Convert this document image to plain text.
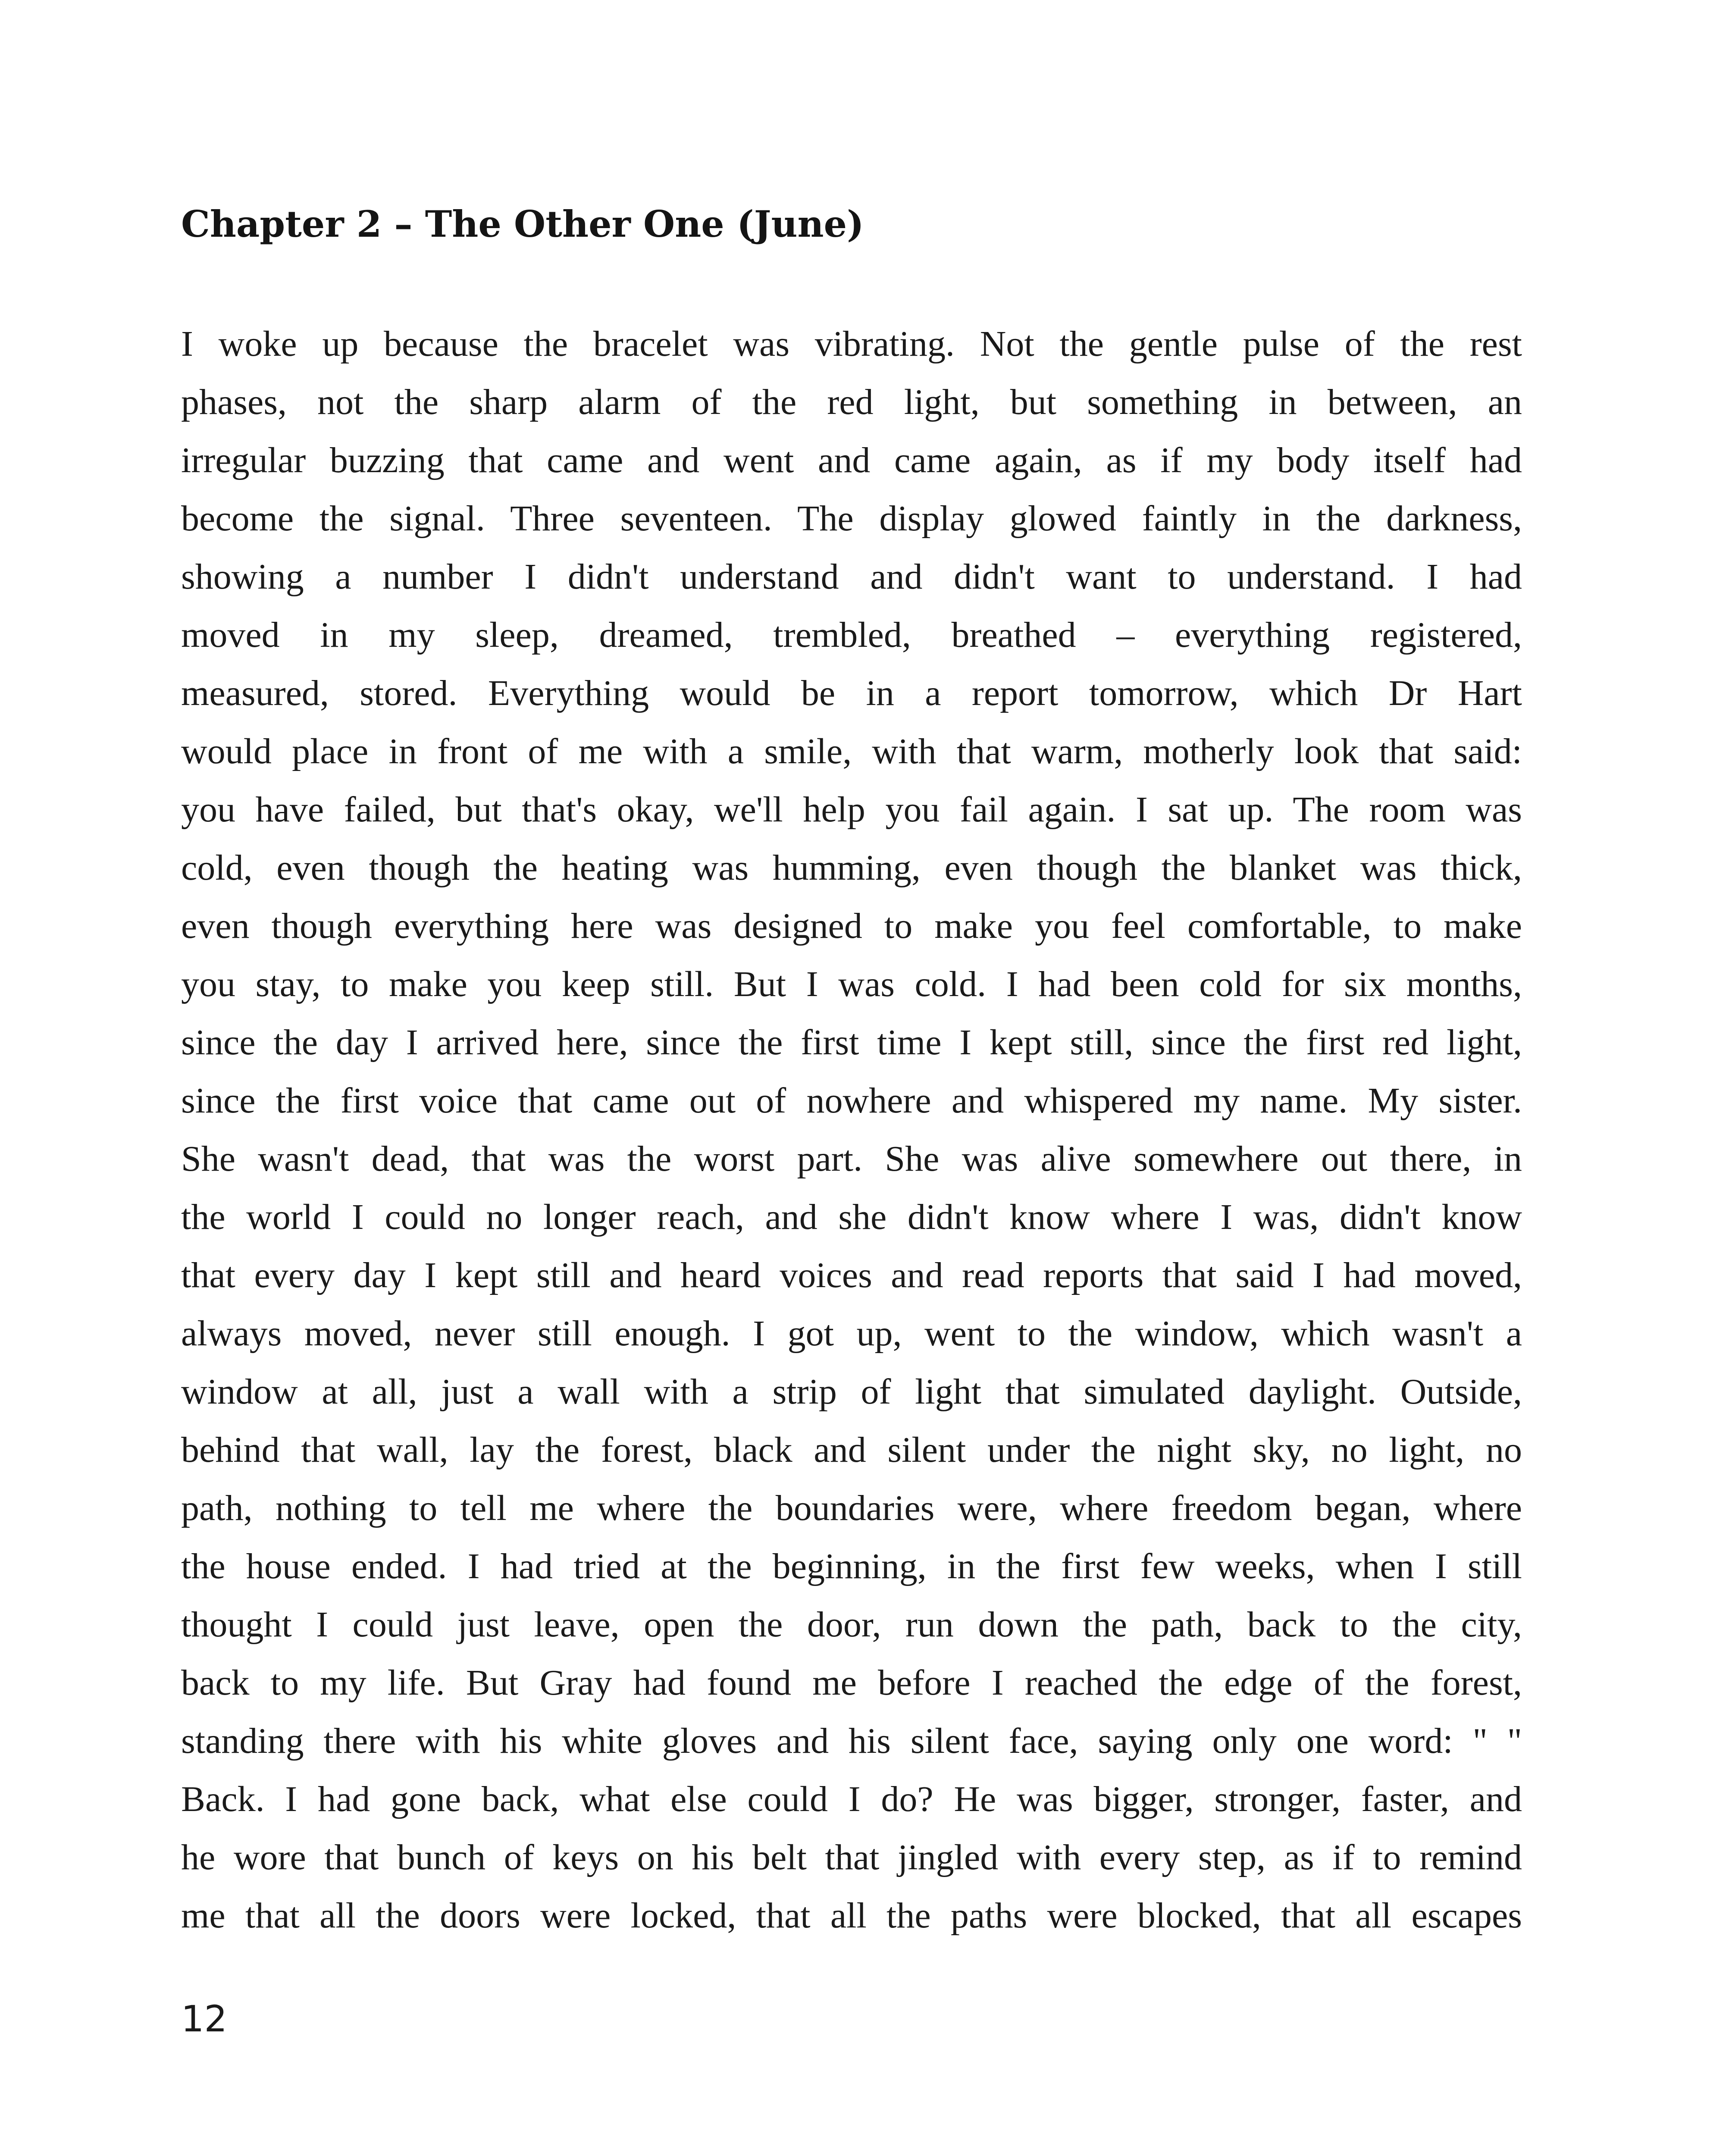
Chapter 2 – The Other One (June)
I woke up because the bracelet was vibrating. Not the gentle pulse of the rest
phases, not the sharp alarm of the red light, but something in between, an
irregular buzzing that came and went and came again, as if my body itself had
become the signal. Three seventeen. The display glowed faintly in the darkness,
showing a number I didn't understand and didn't want to understand. I had
moved in my sleep, dreamed, trembled, breathed – everything registered,
measured, stored. Everything would be in a report tomorrow, which Dr Hart
would place in front of me with a smile, with that warm, motherly look that said:
you have failed, but that's okay, we'll help you fail again. I sat up. The room was
cold, even though the heating was humming, even though the blanket was thick,
even though everything here was designed to make you feel comfortable, to make
you stay, to make you keep still. But I was cold. I had been cold for six months,
since the day I arrived here, since the first time I kept still, since the first red light,
since the first voice that came out of nowhere and whispered my name. My sister.
She wasn't dead, that was the worst part. She was alive somewhere out there, in
the world I could no longer reach, and she didn't know where I was, didn't know
that every day I kept still and heard voices and read reports that said I had moved,
always moved, never still enough. I got up, went to the window, which wasn't a
window at all, just a wall with a strip of light that simulated daylight. Outside,
behind that wall, lay the forest, black and silent under the night sky, no light, no
path, nothing to tell me where the boundaries were, where freedom began, where
the house ended. I had tried at the beginning, in the first few weeks, when I still
thought I could just leave, open the door, run down the path, back to the city,
back to my life. But Gray had found me before I reached the edge of the forest,
standing there with his white gloves and his silent face, saying only one word: " "
Back. I had gone back, what else could I do? He was bigger, stronger, faster, and
he wore that bunch of keys on his belt that jingled with every step, as if to remind
me that all the doors were locked, that all the paths were blocked, that all escapes

12
